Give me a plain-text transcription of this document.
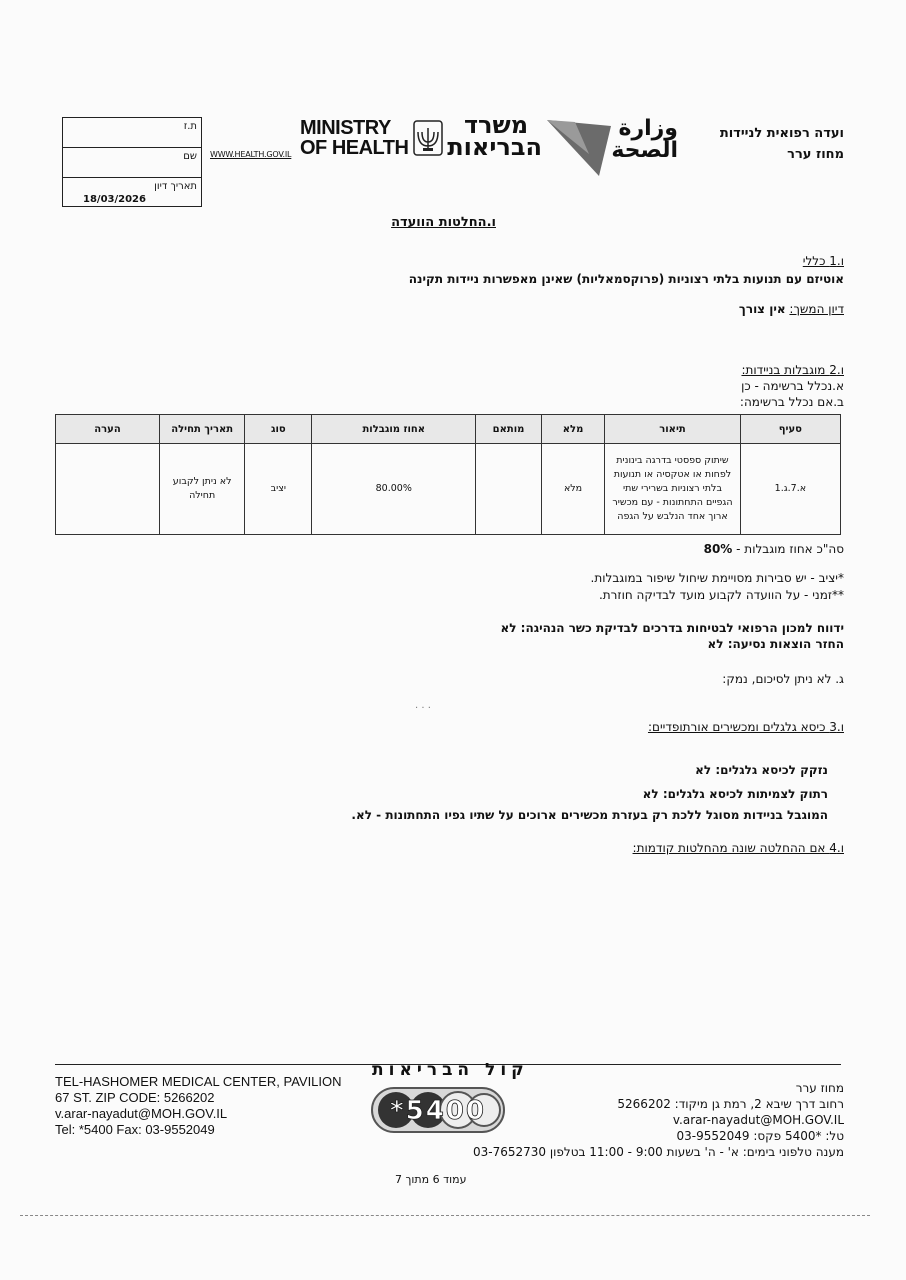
ת.ז
שם
תאריך דיון
18/03/2026
WWW.HEALTH.GOV.IL
MINISTRY
OF HEALTH
משרד
הבריאות
وزارة
الصحة
ועדה רפואית לניידות
מחוז ערר
ו.החלטות הוועדה
ו.1 כללי
אוטיזם עם תנועות בלתי רצוניות (פרוקסמאליות) שאינן מאפשרות ניידות תקינה
דיון המשך: אין צורך
ו.2 מוגבלות בניידות:
א.נכלל ברשימה - כן
ב.אם נכלל ברשימה:
סעיף	תיאור	מלא	מותאם	אחוז מוגבלות	סוג	תאריך תחילה	הערה
א.7.ג.1	שיתוק ספסטי בדרגה בינונית לפחות או אטקסיה או תנועות בלתי רצוניות בשרירי שתי הגפיים התחתונות - עם מכשיר ארוך אחד הנלבש על הגפה	מלא		80.00%	יציב	לא ניתן לקבוע תחילה	
סה"כ אחוז מוגבלות - 80%
*יציב - יש סבירות מסויימת שיחול שיפור במוגבלות.
**זמני - על הוועדה לקבוע מועד לבדיקה חוזרת.
ידווח למכון הרפואי לבטיחות בדרכים לבדיקת כשר הנהיגה: לא
החזר הוצאות נסיעה: לא
ג. לא ניתן לסיכום, נמק:
. . .
ו.3 כיסא גלגלים ומכשירים אורתופדיים:
נזקק לכיסא גלגלים: לא
רתוק לצמיתות לכיסא גלגלים: לא
המוגבל בניידות מסוגל ללכת רק בעזרת מכשירים ארוכים על שתיו גפיו התחתונות - לא.
ו.4 אם ההחלטה שונה מהחלטות קודמות:
TEL-HASHOMER MEDICAL CENTER, PAVILION
67 ST. ZIP CODE: 5266202
v.arar-nayadut@MOH.GOV.IL
Tel: *5400 Fax: 03-9552049
קול הבריאות
*5400
מחוז ערר
רחוב דרך שיבא 2, רמת גן מיקוד: 5266202
v.arar-nayadut@MOH.GOV.IL
טל: *5400 פקס: 03-9552049
מענה טלפוני בימים: א' - ה' בשעות 9:00 - 11:00 בטלפון 03-7652730
עמוד 6 מתוך 7
